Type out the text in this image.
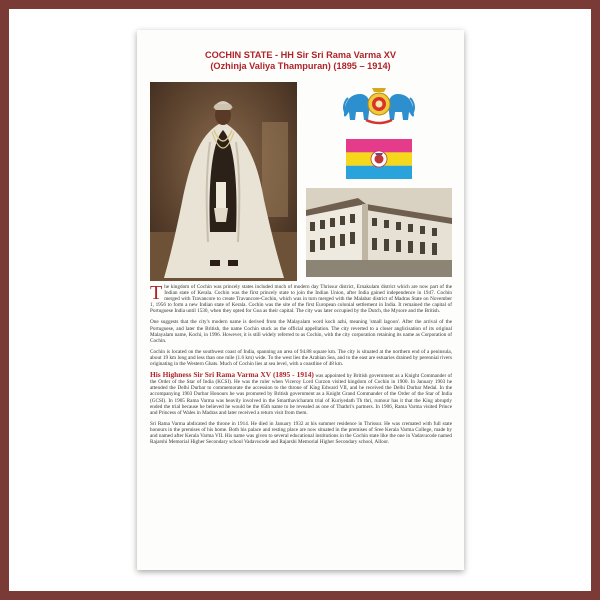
COCHIN STATE - HH Sir Sri Rama Varma XV
(Ozhinja Valiya Thampuran) (1895 – 1914)

The kingdom of Cochin was princely states included much of modern day Thrissur district, Ernakulam district which are now part of the Indian state of Kerala. Cochin was the first princely state to join the Indian Union, after India gained independence in 1947. Cochin merged with Travancore to create Travancore-Cochin, which was in turn merged with the Malabar district of Madras State on November 1, 1956 to form a new Indian state of Kerala. Cochin was the site of the first European colonial settlement in India. It remained the capital of Portuguese India until 1530, when they opted for Goa as their capital. The city was later occupied by the Dutch, the Mysore and the British.

One suggests that the city's modern name is derived from the Malayalam word koch azhi, meaning 'small lagoon'. After the arrival of the Portuguese, and later the British, the name Cochin stuck as the official appellation. The city reverted to a closer anglicisation of its original Malayalam name, Kochi, in 1996. However, it is still widely referred to as Cochin, with the city corporation retaining its name as Corporation of Cochin.

Cochin is located on the southwest coast of India, spanning an area of 94.88 square km. The city is situated at the northern end of a peninsula, about 19 km long and less than one mile (1.6 km) wide. To the west lies the Arabian Sea, and to the east are estuaries drained by perennial rivers originating in the Western Ghats. Much of Cochin lies at sea level, with a coastline of 48 km.

His Highness Sir Sri Rama Varma XV (1895 - 1914) was appointed by British government as a Knight Commander of the Order of the Star of India (KCSI). He was the ruler when Viceroy Lord Curzon visited kingdom of Cochin in 1900. In January 1903 he attended the Delhi Durbar to commemorate the accession to the throne of King Edward VII, and he received the Delhi Durbar Medal. In the accompanying 1903 Durbar Honours he was promoted by British government as a Knight Grand Commander of the Order of the Star of India (GCSI). In 1905 Rama Varma was heavily involved in the Smarthavicharam trial of Kuriyedath Th thri, rumour has it that the King abruptly ended the trial because he believed he would be the 65th name to be revealed as one of Thathri's partners. In 1906, Rama Varma visited Prince and Princess of Wales in Madras and later received a return visit from them.

Sri Rama Varma abdicated the throne in 1914. He died in January 1932 at his summer residence in Thrissur. He was cremated with full state honours in the premises of his home. Both his palace and resting place are now situated in the premises of Sree Kerala Varma College, made by and named after Kerala Varma VII. His name was given to several educational institutions in the Cochin state like the one in Vadavucode named Rajarshi Memorial Higher Secondary school Vadavucode and Rajarshi Memorial Higher Secondary school, Alloor.
